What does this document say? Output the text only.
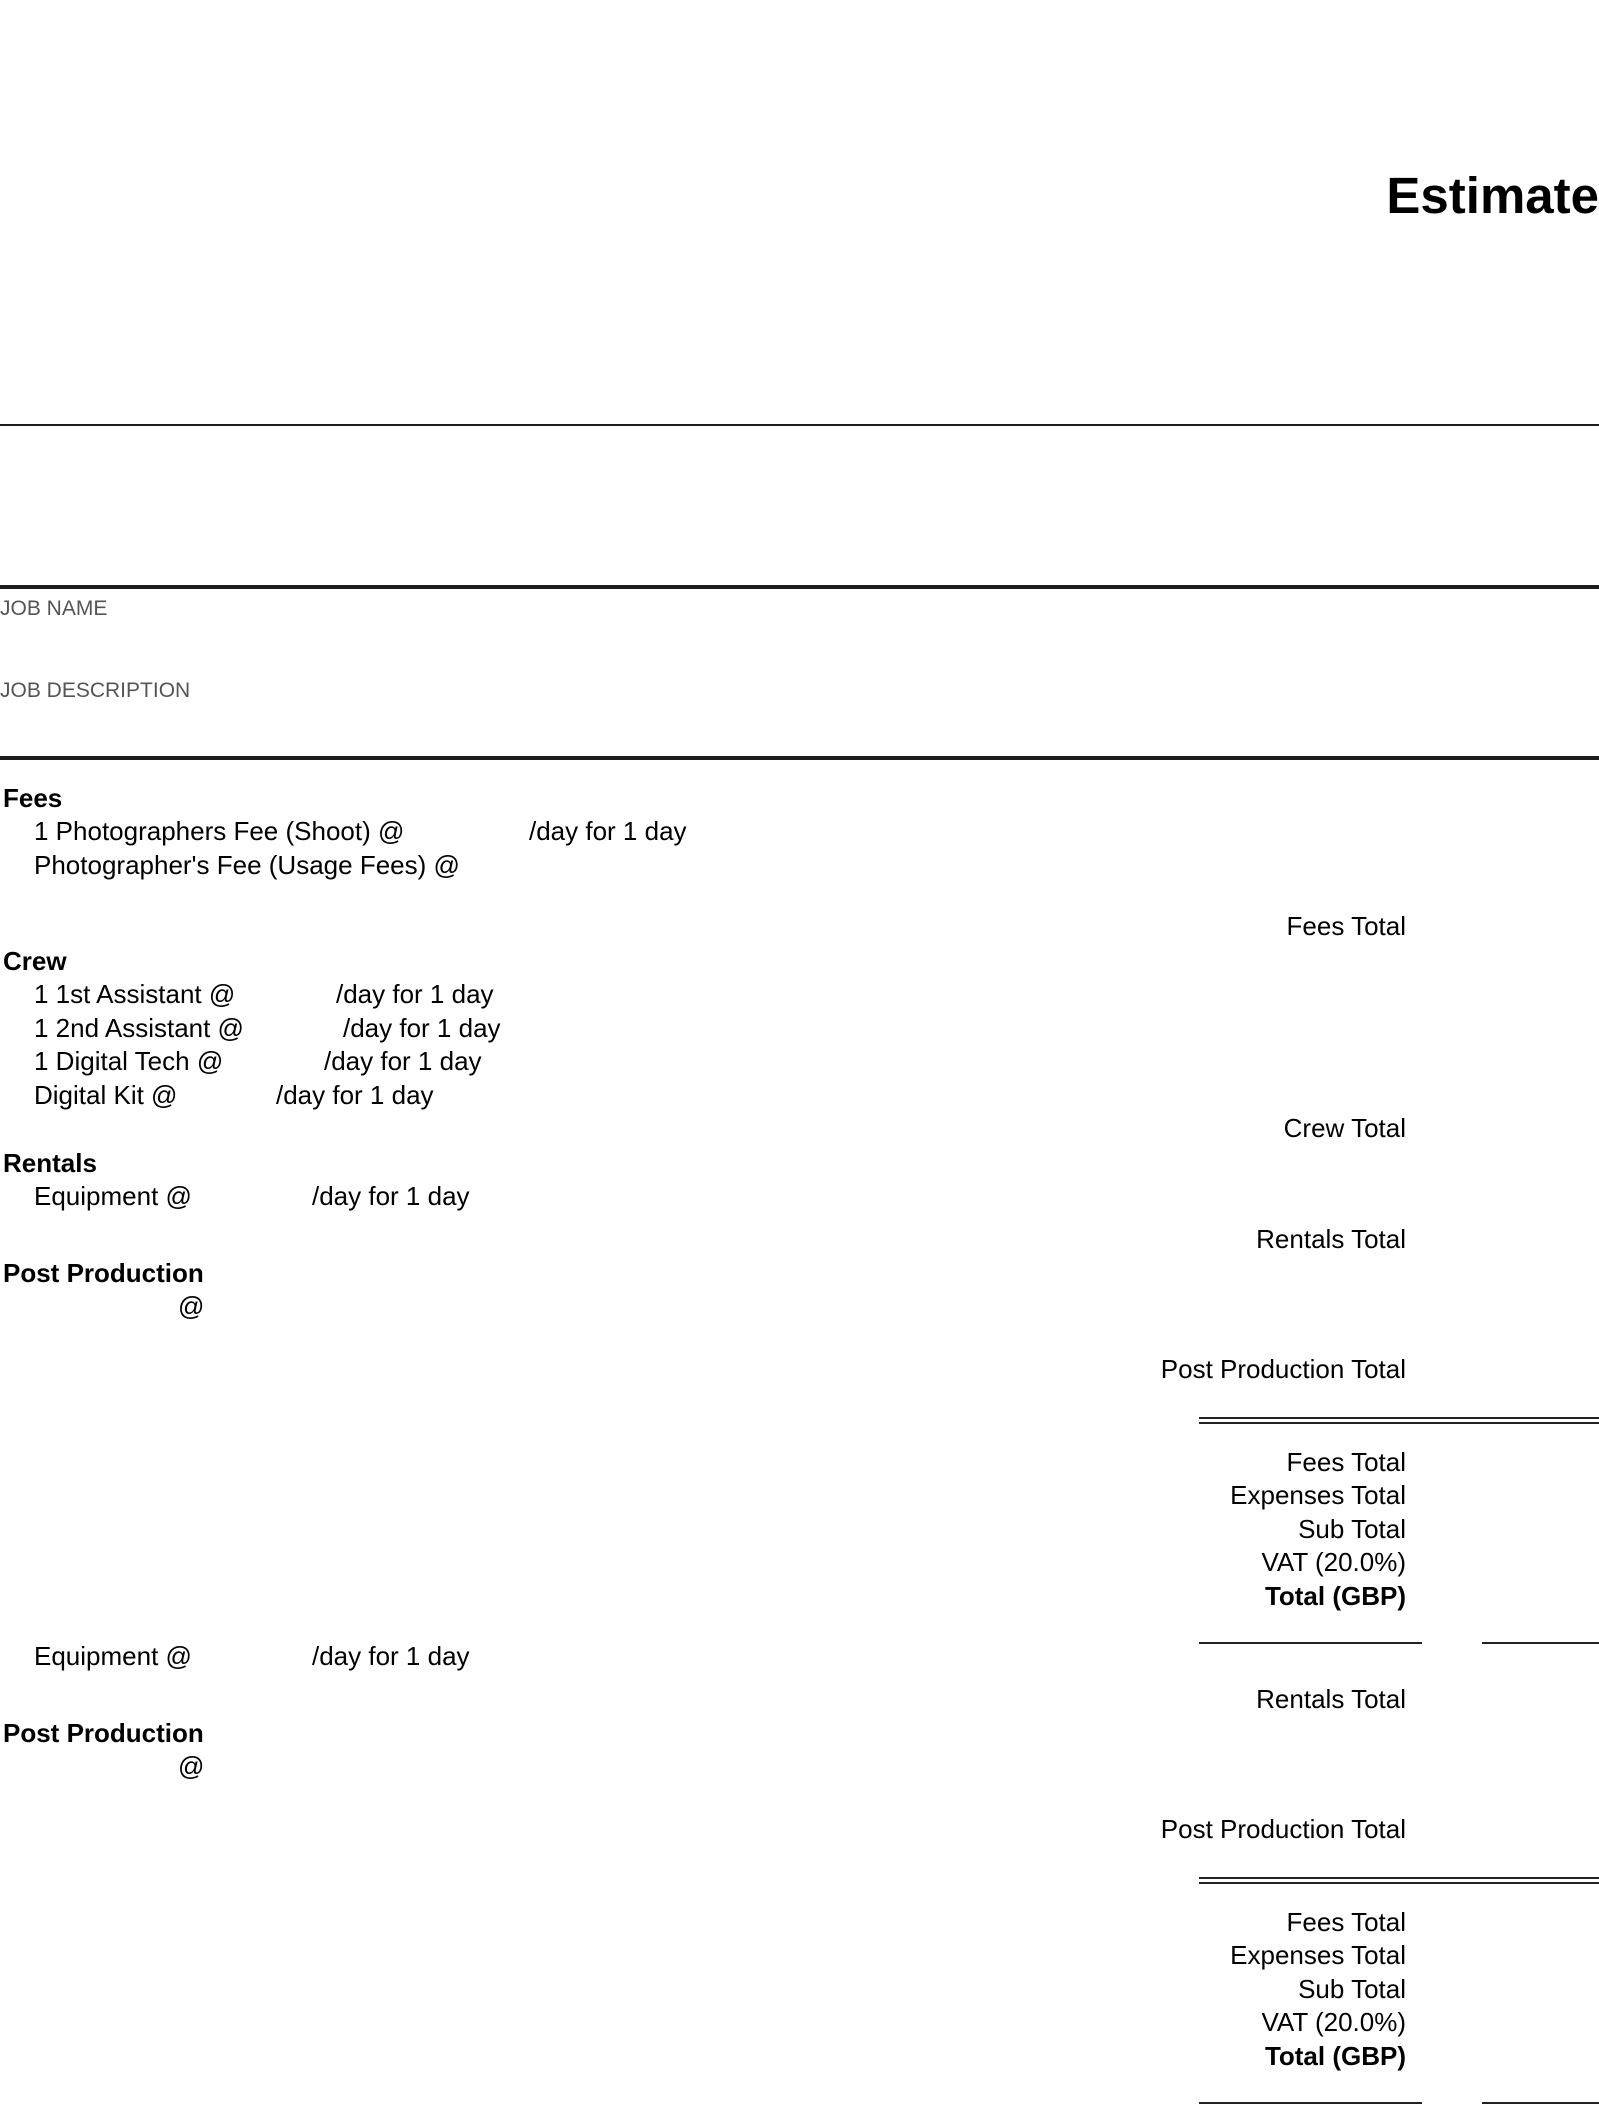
Estimate
JOB NAME
JOB DESCRIPTION
Fees
1 Photographers Fee (Shoot) @	/day for 1 day
Photographer's Fee (Usage Fees) @
Fees Total
Crew
1 1st Assistant @	/day for 1 day
1 2nd Assistant @	/day for 1 day
1 Digital Tech @	/day for 1 day
Digital Kit @	/day for 1 day
Crew Total
Rentals
Equipment @	/day for 1 day
Rentals Total
Post Production
@
Post Production Total
Fees Total
Expenses Total
Sub Total
VAT (20.0%)
Total (GBP)
Equipment @	/day for 1 day
Rentals Total
Post Production
@
Post Production Total
Fees Total
Expenses Total
Sub Total
VAT (20.0%)
Total (GBP)
